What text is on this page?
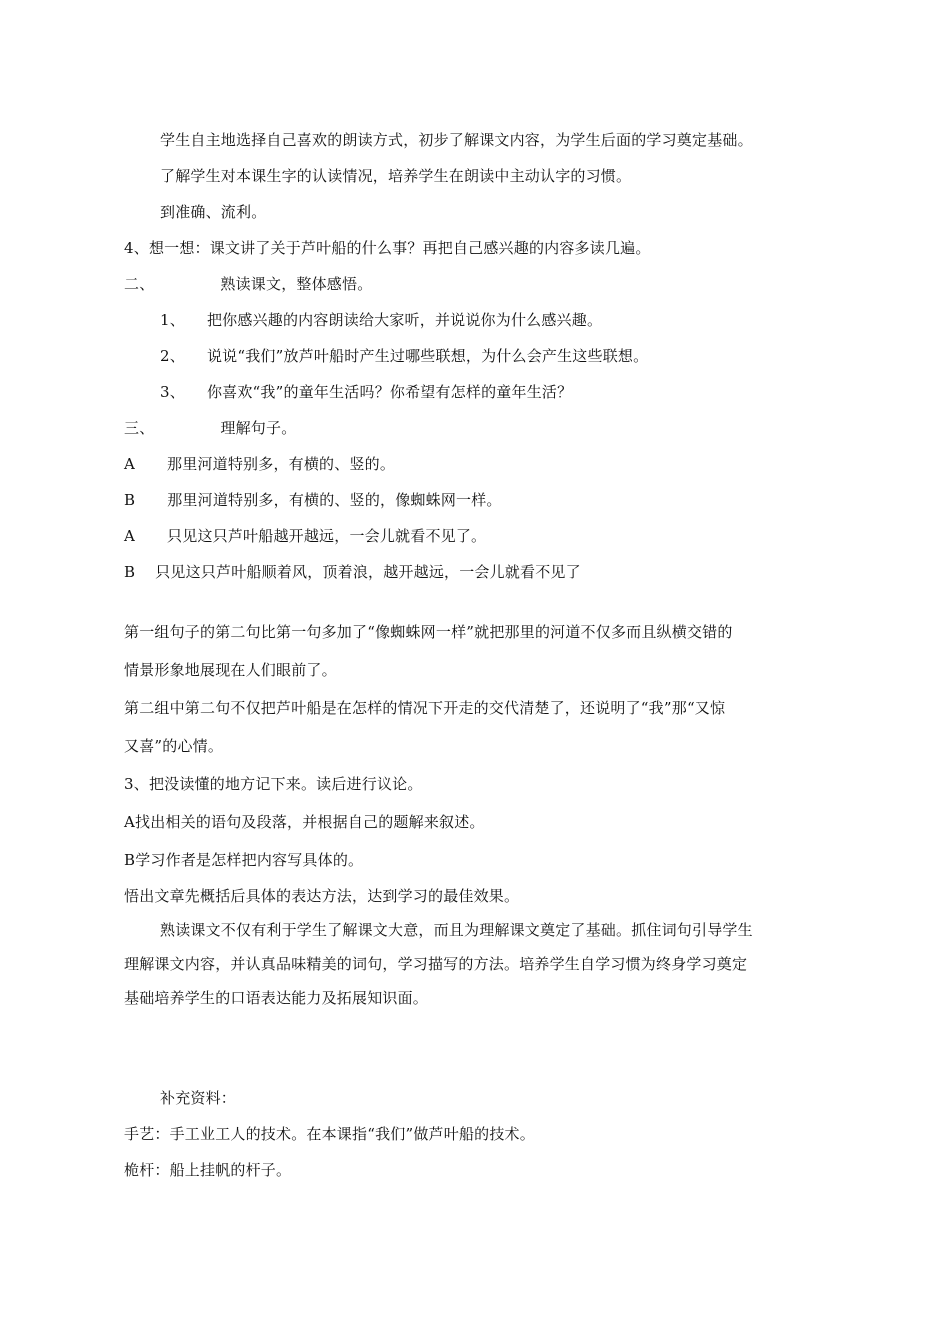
学生自主地选择自己喜欢的朗读方式，初步了解课文内容，为学生后面的学习奠定基础。
了解学生对本课生字的认读情况，培养学生在朗读中主动认字的习惯。
到准确、流利。
4、想一想：课文讲了关于芦叶船的什么事？再把自己感兴趣的内容多读几遍。
二、	熟读课文，整体感悟。
1、 把你感兴趣的内容朗读给大家听，并说说你为什么感兴趣。
2、 说说“我们”放芦叶船时产生过哪些联想，为什么会产生这些联想。
3、 你喜欢“我”的童年生活吗？你希望有怎样的童年生活？
三、	理解句子。
A 那里河道特别多，有横的、竖的。
B 那里河道特别多，有横的、竖的，像蜘蛛网一样。
A 只见这只芦叶船越开越远，一会儿就看不见了。
B 只见这只芦叶船顺着风，顶着浪，越开越远，一会儿就看不见了
第一组句子的第二句比第一句多加了“像蜘蛛网一样”就把那里的河道不仅多而且纵横交错的
情景形象地展现在人们眼前了。
第二组中第二句不仅把芦叶船是在怎样的情况下开走的交代清楚了，还说明了“我”那“又惊
又喜”的心情。
3、把没读懂的地方记下来。读后进行议论。
A找出相关的语句及段落，并根据自己的题解来叙述。
B学习作者是怎样把内容写具体的。
悟出文章先概括后具体的表达方法，达到学习的最佳效果。
熟读课文不仅有利于学生了解课文大意，而且为理解课文奠定了基础。抓住词句引导学生
理解课文内容，并认真品味精美的词句，学习描写的方法。培养学生自学习惯为终身学习奠定
基础培养学生的口语表达能力及拓展知识面。
补充资料：
手艺：手工业工人的技术。在本课指“我们”做芦叶船的技术。
桅杆：船上挂帆的杆子。
